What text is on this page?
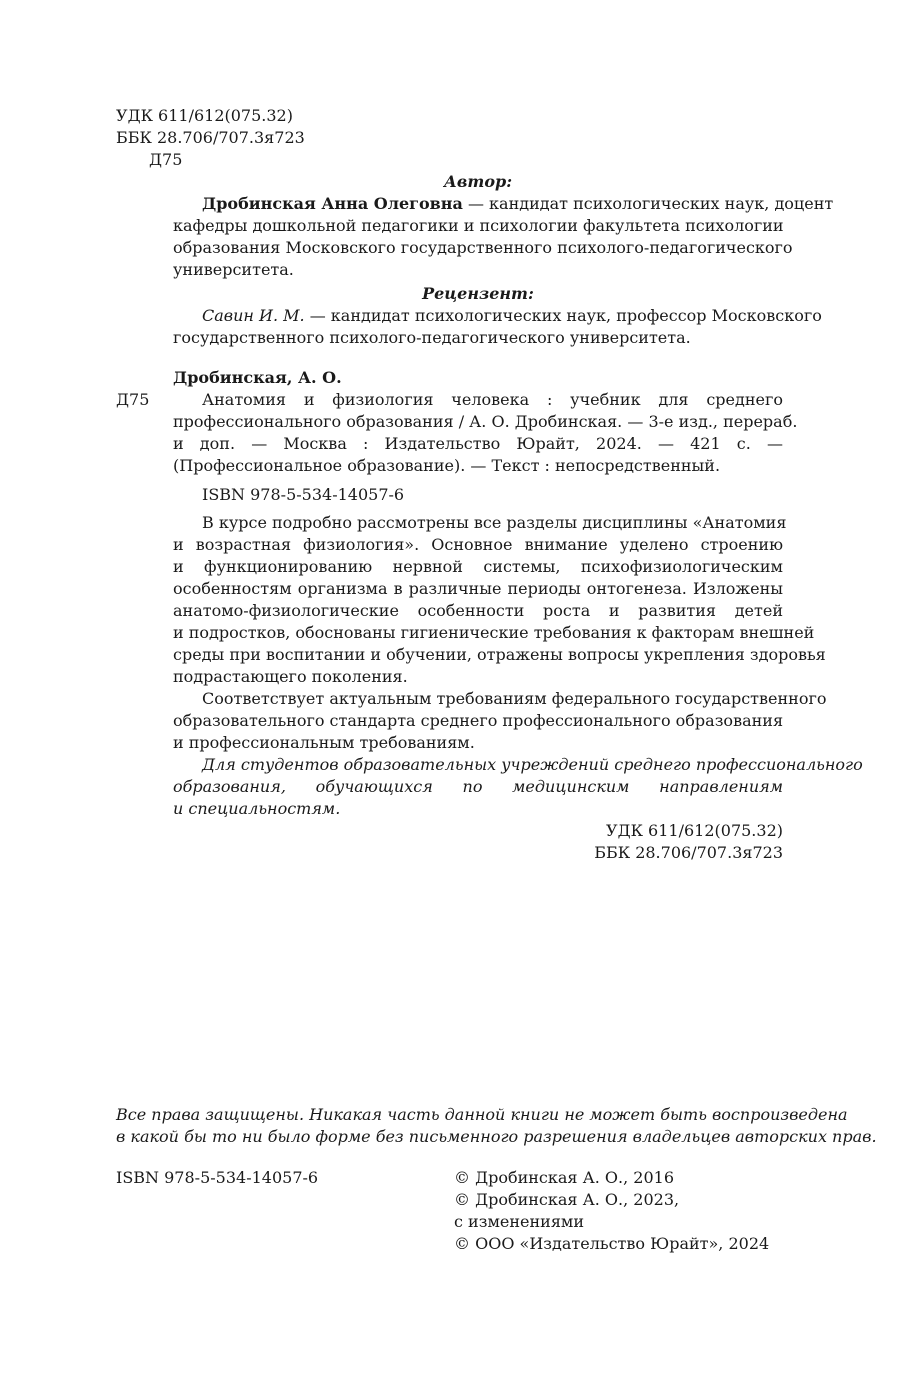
УДК 611/612(075.32)
ББК 28.706/707.3я723
Д75
Автор:
Дробинская Анна Олеговна — кандидат психологических наук, доцент
кафедры дошкольной педагогики и психологии факультета психологии
образования Московского государственного психолого-педагогического
университета.
Рецензент:
Савин И. М. — кандидат психологических наук, профессор Московского
государственного психолого-педагогического университета.
Дробинская, А. О.
Д75	Анатомия и физиология человека : учебник для среднего
профессионального образования / А. О. Дробинская. — 3-е изд., перераб.
и доп. — Москва : Издательство Юрайт, 2024. — 421 с. —
(Профессиональное образование). — Текст : непосредственный.
ISBN 978-5-534-14057-6
В курсе подробно рассмотрены все разделы дисциплины «Анатомия
и возрастная физиология». Основное внимание уделено строению
и функционированию нервной системы, психофизиологическим
особенностям организма в различные периоды онтогенеза. Изложены
анатомо-физиологические особенности роста и развития детей
и подростков, обоснованы гигиенические требования к факторам внешней
среды при воспитании и обучении, отражены вопросы укрепления здоровья
подрастающего поколения.
Соответствует актуальным требованиям федерального государственного
образовательного стандарта среднего профессионального образования
и профессиональным требованиям.
Для студентов образовательных учреждений среднего профессионального
образования, обучающихся по медицинским направлениям
и специальностям.
УДК 611/612(075.32)
ББК 28.706/707.3я723
Все права защищены. Никакая часть данной книги не может быть воспроизведена
в какой бы то ни было форме без письменного разрешения владельцев авторских прав.
ISBN 978-5-534-14057-6	© Дробинская А. О., 2016
© Дробинская А. О., 2023,
с изменениями
© ООО «Издательство Юрайт», 2024
